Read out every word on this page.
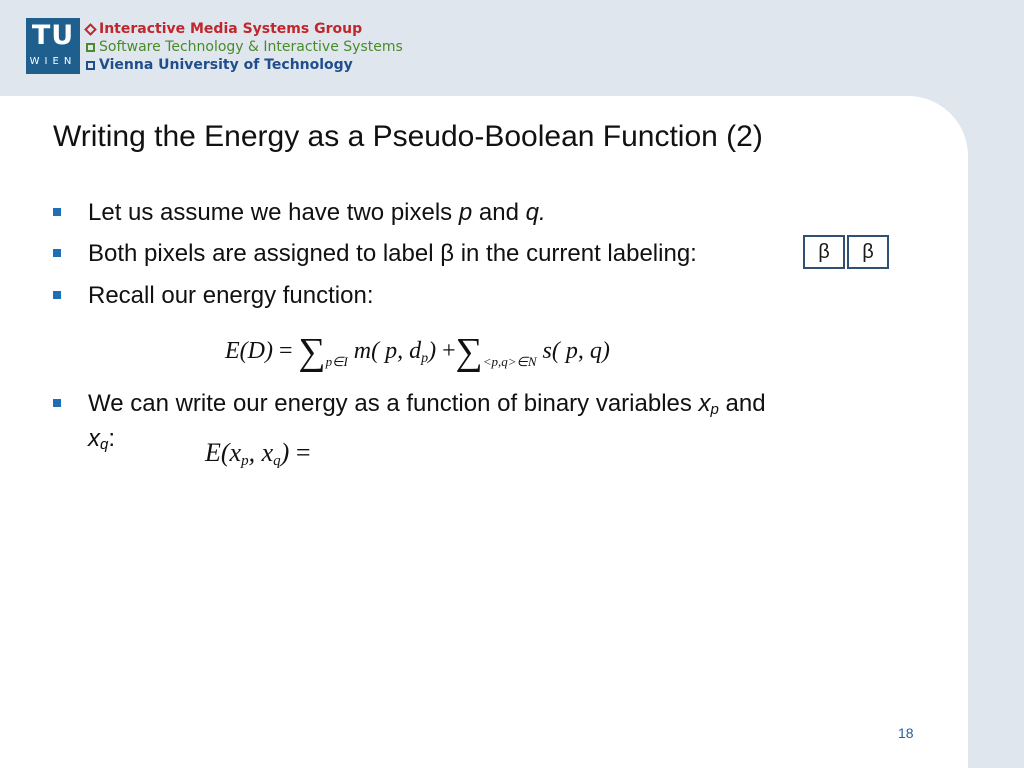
TU
WIEN
Interactive Media Systems Group
Software Technology & Interactive Systems
Vienna University of Technology
Writing the Energy as a Pseudo-Boolean Function (2)
Let us assume we have two pixels p and q.
Both pixels are assigned to label β in the current labeling:	β	β
Recall our energy function:
$E(D) = \sum_{p\in I}$ m( p, $dp) +\sum_{<p,q>\in N}$ s( p, q)
We can write our energy as a function of binary variables $x_p$ and
$x_q$:	E(xp, xq) =
18
